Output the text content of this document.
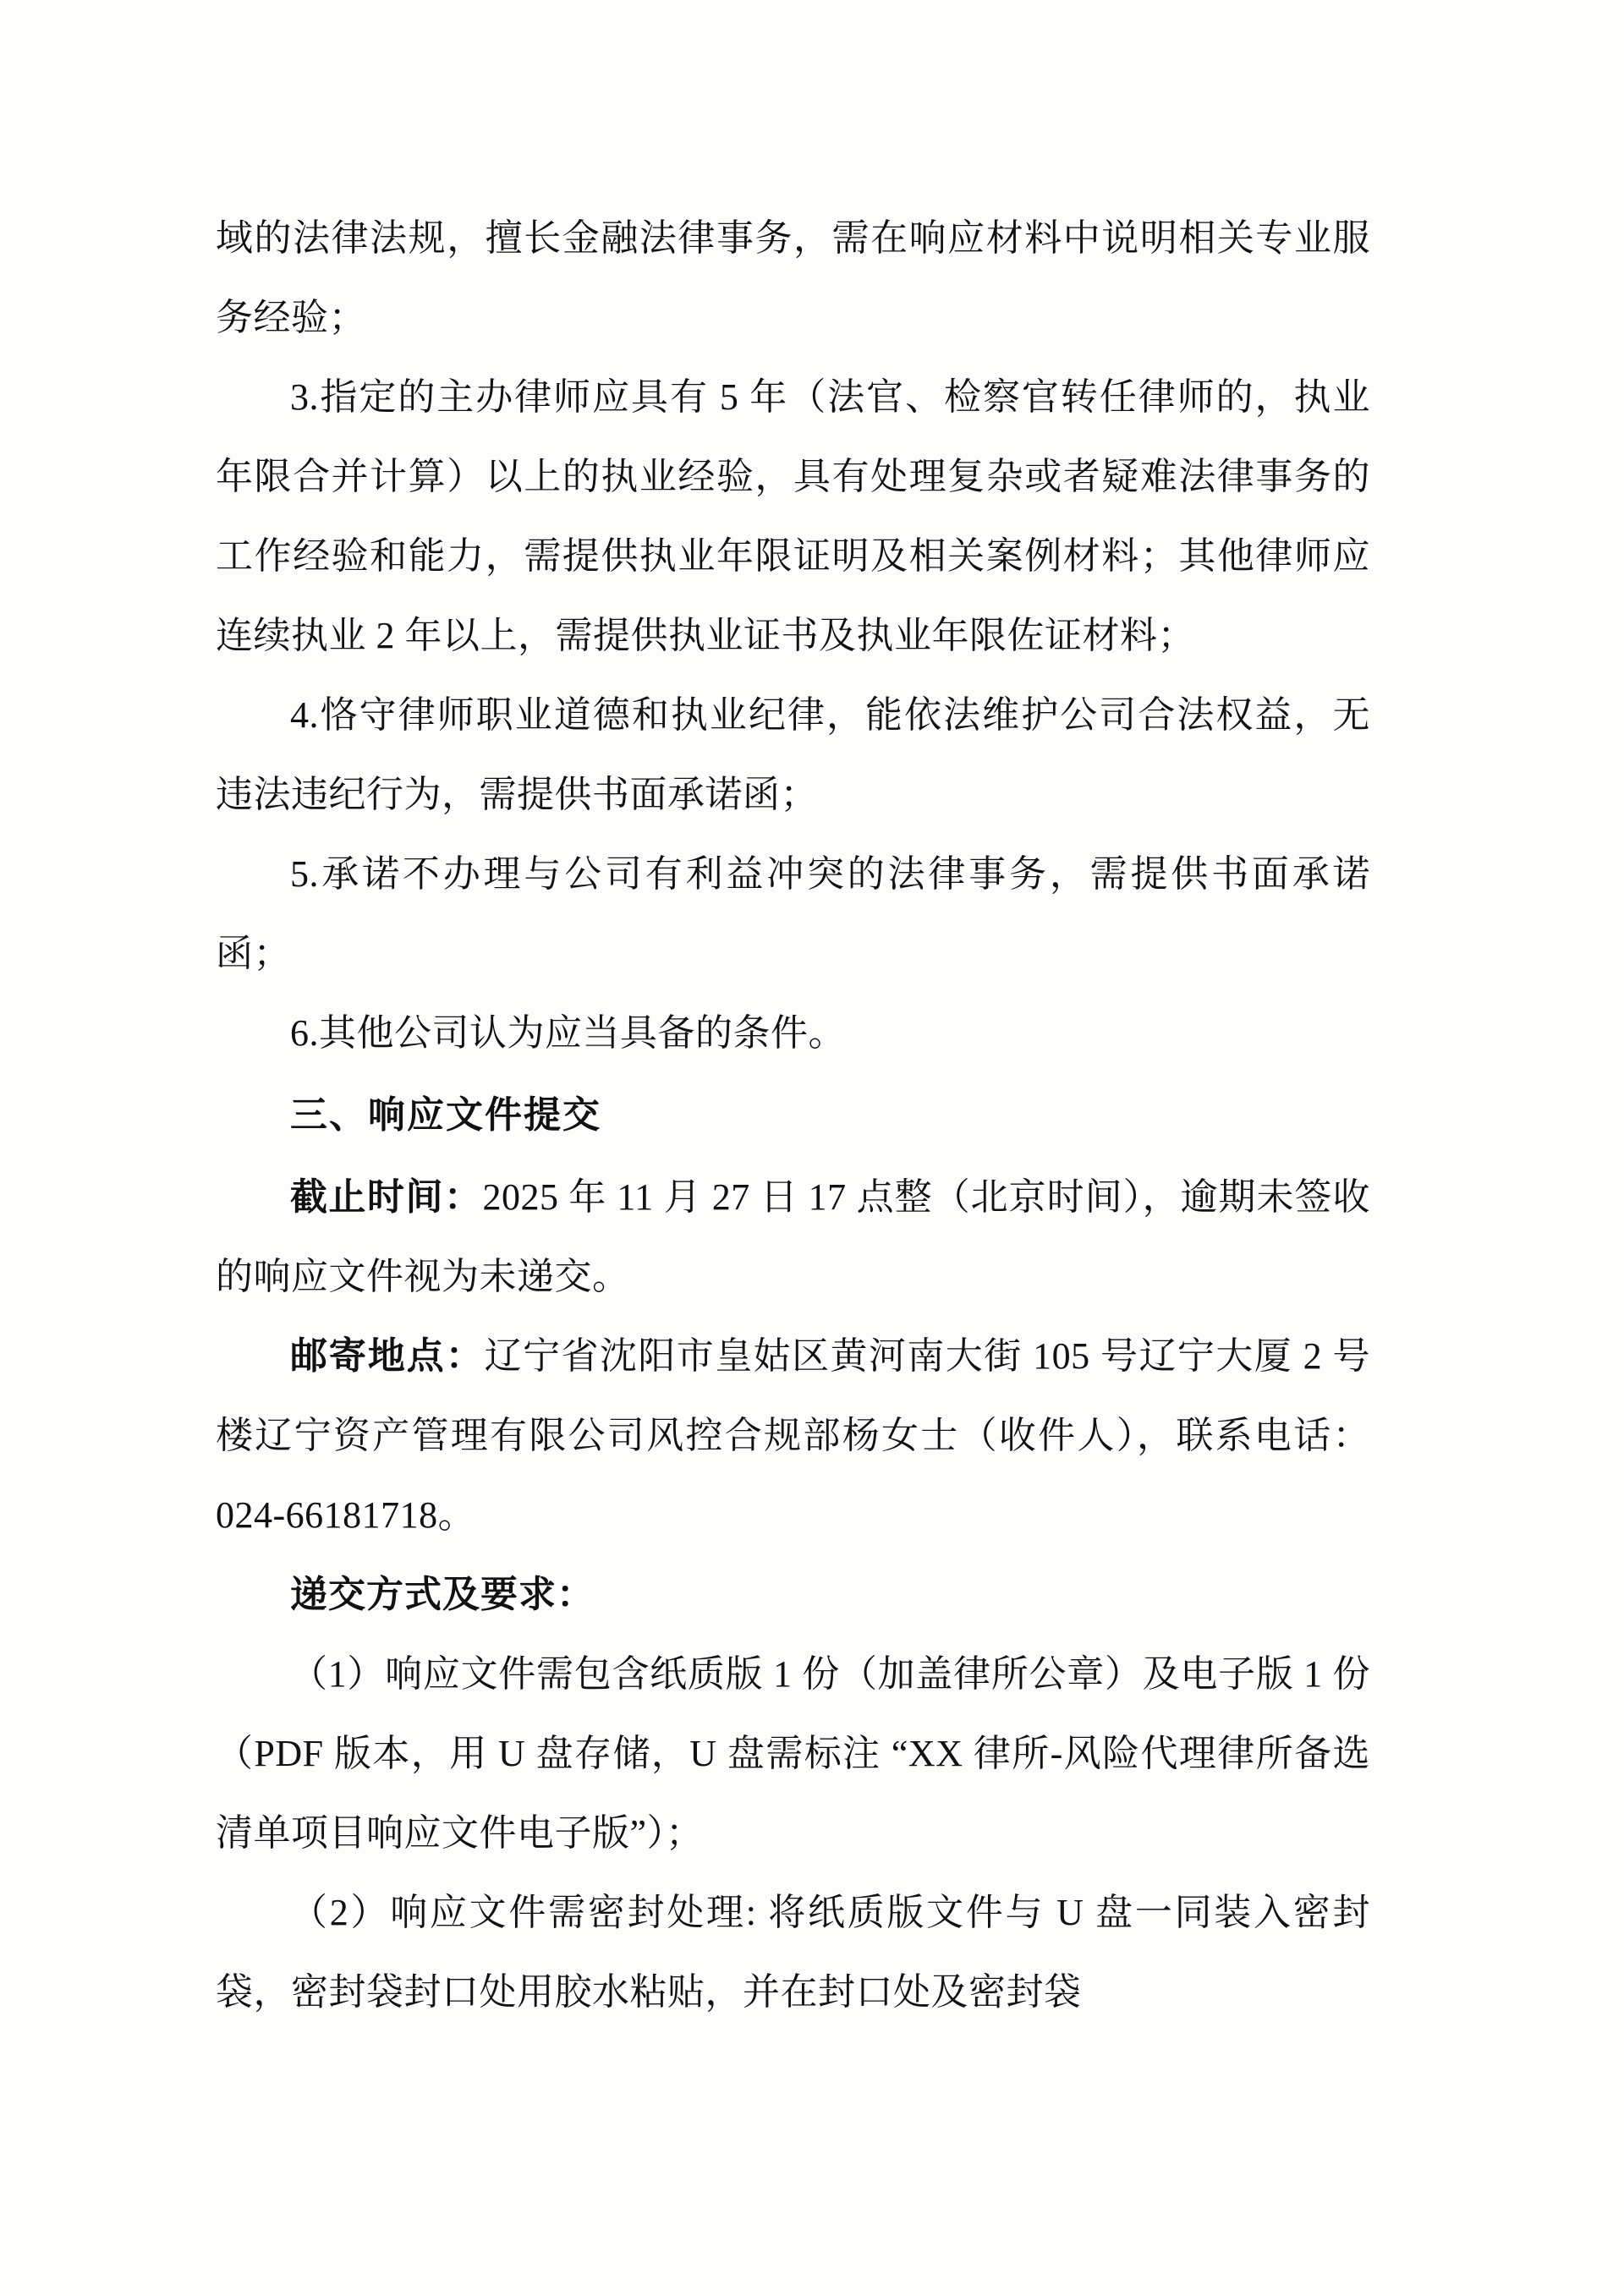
域的法律法规，擅长金融法律事务，需在响应材料中说明相关专业服务经验；

3.指定的主办律师应具有 5 年（法官、检察官转任律师的，执业年限合并计算）以上的执业经验，具有处理复杂或者疑难法律事务的工作经验和能力，需提供执业年限证明及相关案例材料；其他律师应连续执业 2 年以上，需提供执业证书及执业年限佐证材料；

4.恪守律师职业道德和执业纪律，能依法维护公司合法权益，无违法违纪行为，需提供书面承诺函；

5.承诺不办理与公司有利益冲突的法律事务，需提供书面承诺函；

6.其他公司认为应当具备的条件。

三、响应文件提交

截止时间：2025 年 11 月 27 日 17 点整（北京时间），逾期未签收的响应文件视为未递交。

邮寄地点：辽宁省沈阳市皇姑区黄河南大街 105 号辽宁大厦 2 号楼辽宁资产管理有限公司风控合规部杨女士（收件人），联系电话：024-66181718。

递交方式及要求：

（1）响应文件需包含纸质版 1 份（加盖律所公章）及电子版 1 份（PDF 版本，用 U 盘存储，U 盘需标注 “XX 律所-风险代理律所备选清单项目响应文件电子版”）；

（2）响应文件需密封处理: 将纸质版文件与 U 盘一同装入密封袋，密封袋封口处用胶水粘贴，并在封口处及密封袋
